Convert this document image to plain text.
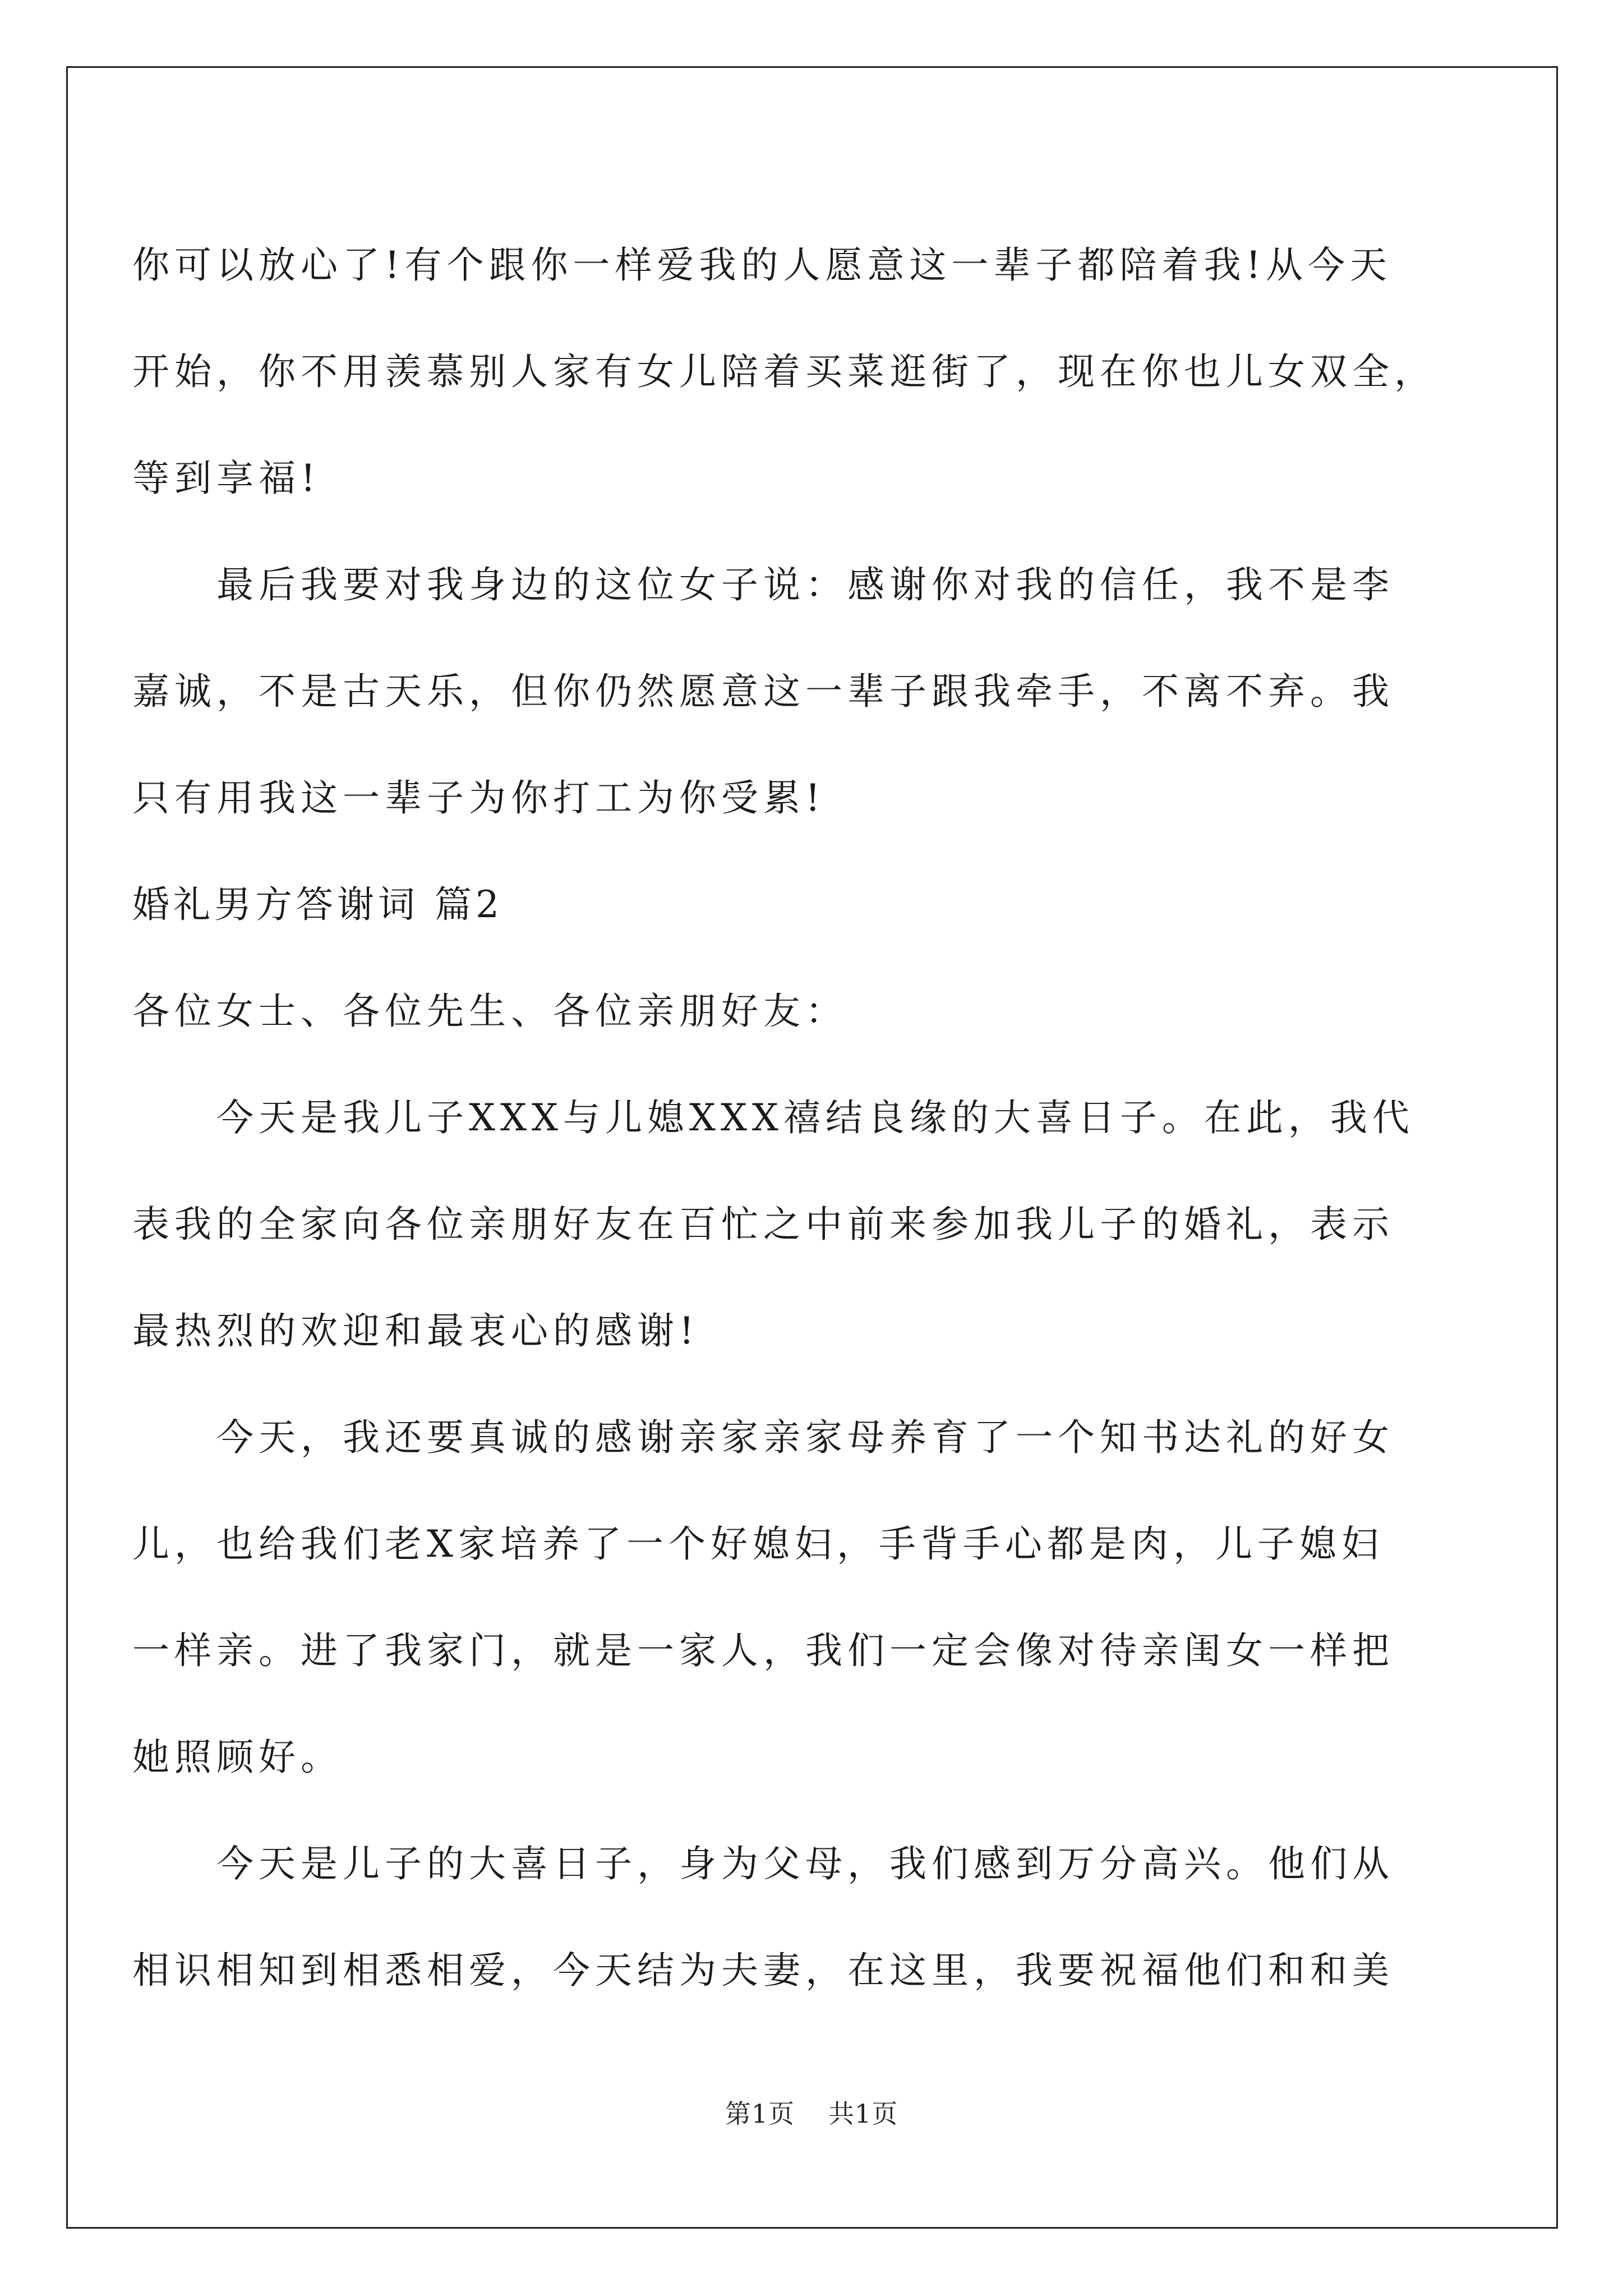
你可以放心了!有个跟你一样爱我的人愿意这一辈子都陪着我!从今天
开始，你不用羡慕别人家有女儿陪着买菜逛街了，现在你也儿女双全，
等到享福!
最后我要对我身边的这位女子说：感谢你对我的信任，我不是李
嘉诚，不是古天乐，但你仍然愿意这一辈子跟我牵手，不离不弃。我
只有用我这一辈子为你打工为你受累!
婚礼男方答谢词 篇2
各位女士、各位先生、各位亲朋好友：
今天是我儿子XXX与儿媳XXX禧结良缘的大喜日子。在此，我代
表我的全家向各位亲朋好友在百忙之中前来参加我儿子的婚礼，表示
最热烈的欢迎和最衷心的感谢!
今天，我还要真诚的感谢亲家亲家母养育了一个知书达礼的好女
儿，也给我们老X家培养了一个好媳妇，手背手心都是肉，儿子媳妇
一样亲。进了我家门，就是一家人，我们一定会像对待亲闺女一样把
她照顾好。
今天是儿子的大喜日子，身为父母，我们感到万分高兴。他们从
相识相知到相悉相爱，今天结为夫妻，在这里，我要祝福他们和和美
第1页 共1页
